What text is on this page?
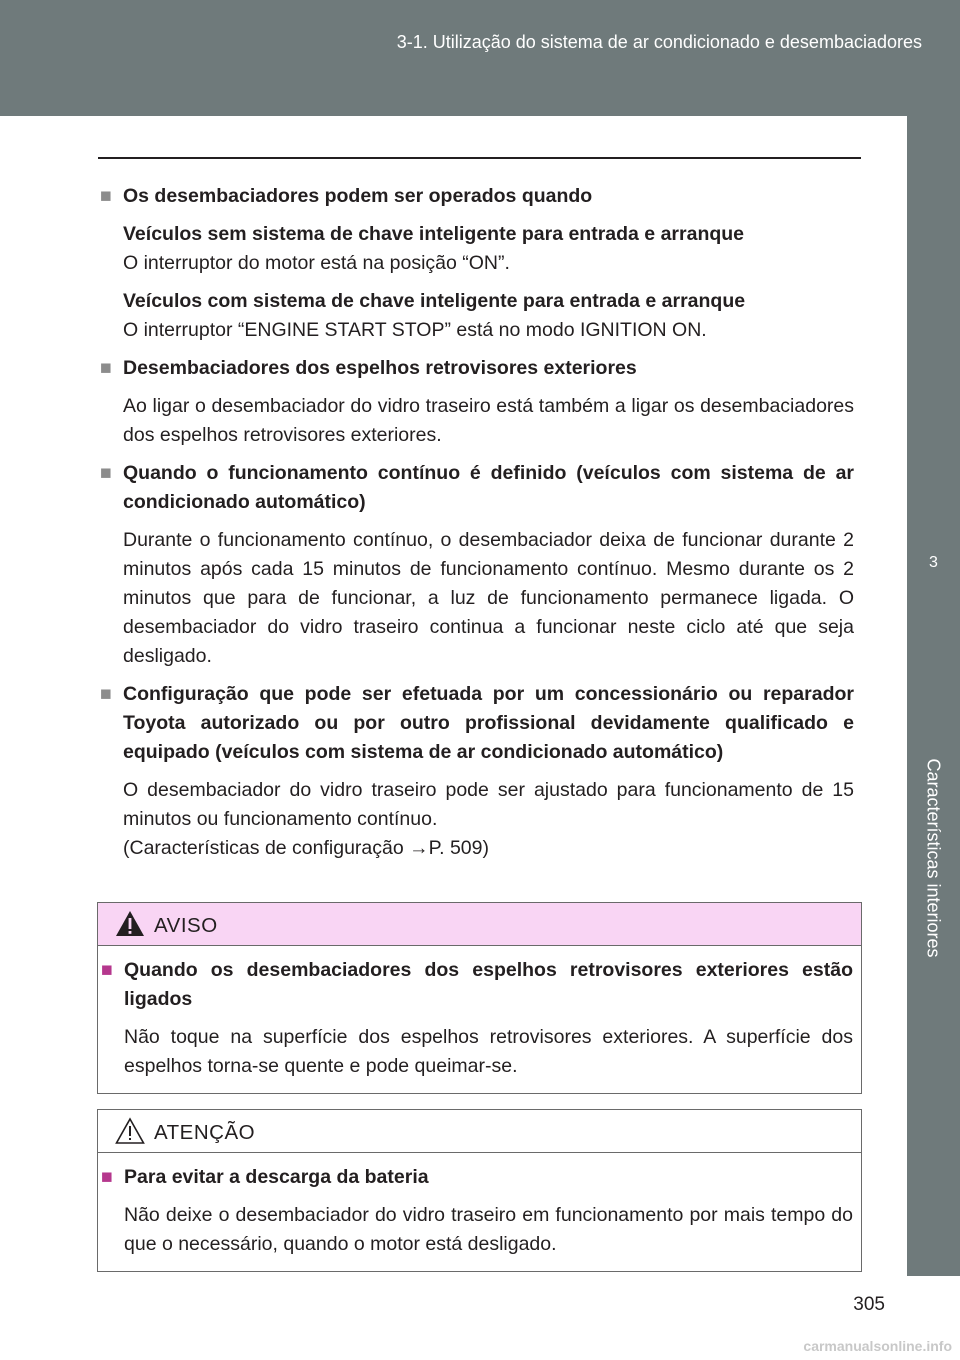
3-1. Utilização do sistema de ar condicionado e desembaciadores
3
Características interiores
■ Os desembaciadores podem ser operados quando
Veículos sem sistema de chave inteligente para entrada e arranque
O interruptor do motor está na posição “ON”.
Veículos com sistema de chave inteligente para entrada e arranque
O interruptor “ENGINE START STOP” está no modo IGNITION ON.
■ Desembaciadores dos espelhos retrovisores exteriores
Ao ligar o desembaciador do vidro traseiro está também a ligar os desembaciadores dos espelhos retrovisores exteriores.
■ Quando o funcionamento contínuo é definido (veículos com sistema de ar condicionado automático)
Durante o funcionamento contínuo, o desembaciador deixa de funcionar durante 2 minutos após cada 15 minutos de funcionamento contínuo. Mesmo durante os 2 minutos que para de funcionar, a luz de funcionamento permanece ligada. O desembaciador do vidro traseiro continua a funcionar neste ciclo até que seja desligado.
■ Configuração que pode ser efetuada por um concessionário ou reparador Toyota autorizado ou por outro profissional devidamente qualificado e equipado (veículos com sistema de ar condicionado automático)
O desembaciador do vidro traseiro pode ser ajustado para funcionamento de 15 minutos ou funcionamento contínuo.
(Características de configuração →P. 509)
AVISO
■ Quando os desembaciadores dos espelhos retrovisores exteriores estão ligados
Não toque na superfície dos espelhos retrovisores exteriores. A superfície dos espelhos torna-se quente e pode queimar-se.
ATENÇÃO
■ Para evitar a descarga da bateria
Não deixe o desembaciador do vidro traseiro em funcionamento por mais tempo do que o necessário, quando o motor está desligado.
305
carmanualsonline.info
